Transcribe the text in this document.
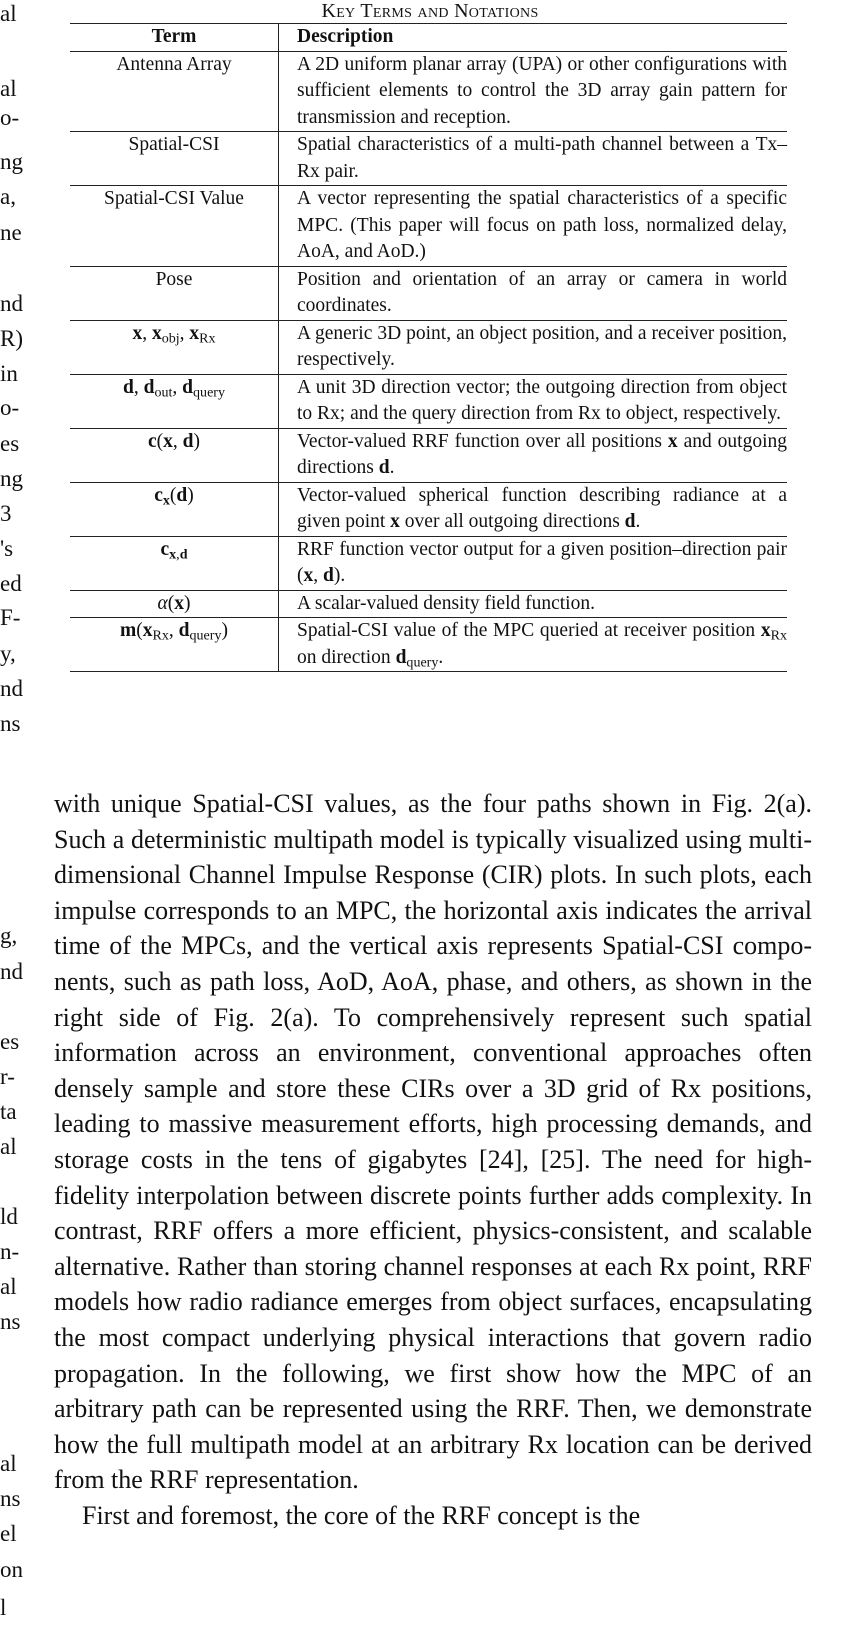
al
al
o-
ng
a,
ne
nd
R)
in
o-
es
ng
3
's
ed
F-
y,
nd
ns
g,
nd
es
r-
ta
al
ld
n-
al
ns
al
ns
el
on
l
Key Terms and Notations
Term	Description
Antenna Array	A 2D uniform planar array (UPA) or other configurations with sufficient elements to control the 3D array gain pattern for transmission and reception.
Spatial-CSI	Spatial characteristics of a multi-path channel between a Tx–Rx pair.
Spatial-CSI Value	A vector representing the spatial characteristics of a specific MPC. (This paper will focus on path loss, normalized delay, AoA, and AoD.)
Pose	Position and orientation of an array or camera in world coordinates.
x, $x_{obj}$, $x_{Rx}$	A generic 3D point, an object position, and a receiver position, respectively.
d, $d_{out}$, $d_{query}$	A unit 3D direction vector; the outgoing direction from object to Rx; and the query direction from Rx to object, respectively.
c(x, d)	Vector-valued RRF function over all positions x and outgoing directions d.
$c_x(d)$	Vector-valued spherical function describing radiance at a given point x over all outgoing directions d.
$c_{x,d}$	RRF function vector output for a given position–direction pair (x, d).
α(x)	A scalar-valued density field function.
$m(x_{Rx}$, $d_{query}$)	Spatial-CSI value of the MPC queried at receiver position $x_{Rx}$ on direction $d_{query}$.

with unique Spatial-CSI values, as the four paths shown in Fig. 2(a). Such a deterministic multipath model is typically visualized using multi-dimensional Channel Impulse Response (CIR) plots. In such plots, each impulse corresponds to an MPC, the horizontal axis indicates the arrival time of the MPCs, and the vertical axis represents Spatial-CSI components, such as path loss, AoD, AoA, phase, and others, as shown in the right side of Fig. 2(a). To comprehensively represent such spatial information across an environment, conventional approaches often densely sample and store these CIRs over a 3D grid of Rx positions, leading to massive measurement efforts, high processing demands, and storage costs in the tens of gigabytes [24], [25]. The need for high-fidelity interpolation between discrete points further adds complexity. In contrast, RRF offers a more efficient, physics-consistent, and scalable alternative. Rather than storing channel responses at each Rx point, RRF models how radio radiance emerges from object surfaces, encapsulating the most compact underlying physical interactions that govern radio propagation. In the following, we first show how the MPC of an arbitrary path can be represented using the RRF. Then, we demonstrate how the full multipath model at an arbitrary Rx location can be derived from the RRF representation.

First and foremost, the core of the RRF concept is the
